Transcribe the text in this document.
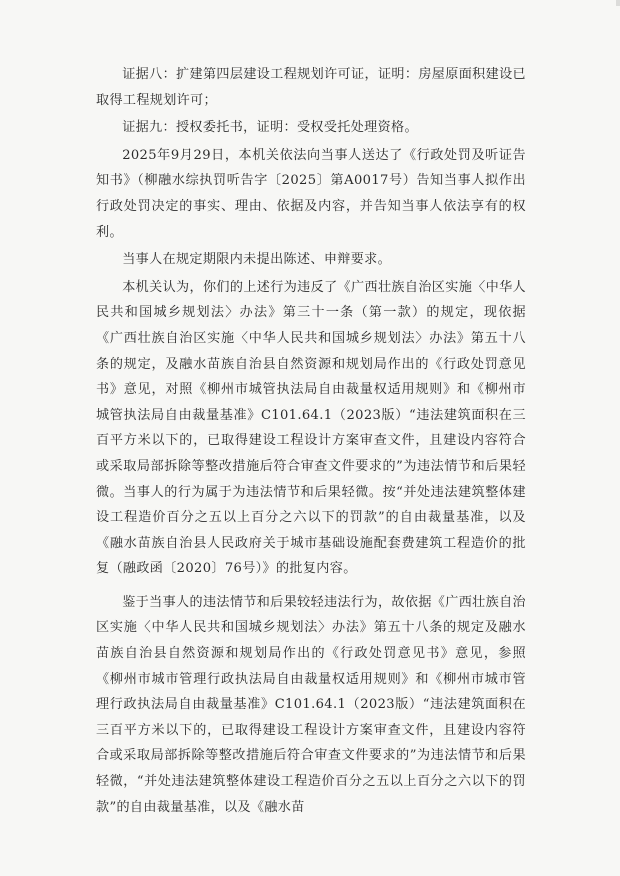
证据八：扩建第四层建设工程规划许可证，证明：房屋原面积建设已取得工程规划许可；

证据九：授权委托书，证明：受权受托处理资格。

2025年9月29日，本机关依法向当事人送达了《行政处罚及听证告知书》（柳融水综执罚听告字〔2025〕第A0017号）告知当事人拟作出行政处罚决定的事实、理由、依据及内容，并告知当事人依法享有的权利。

当事人在规定期限内未提出陈述、申辩要求。

本机关认为，你们的上述行为违反了《广西壮族自治区实施〈中华人民共和国城乡规划法〉办法》第三十一条（第一款）的规定，现依据《广西壮族自治区实施〈中华人民共和国城乡规划法〉办法》第五十八条的规定，及融水苗族自治县自然资源和规划局作出的《行政处罚意见书》意见，对照《柳州市城管执法局自由裁量权适用规则》和《柳州市城管执法局自由裁量基准》C101.64.1（2023版）“违法建筑面积在三百平方米以下的，已取得建设工程设计方案审查文件，且建设内容符合或采取局部拆除等整改措施后符合审查文件要求的”为违法情节和后果轻微。当事人的行为属于为违法情节和后果轻微。按“并处违法建筑整体建设工程造价百分之五以上百分之六以下的罚款”的自由裁量基准，以及《融水苗族自治县人民政府关于城市基础设施配套费建筑工程造价的批复（融政函〔2020〕76号）》的批复内容。

鉴于当事人的违法情节和后果较轻违法行为，故依据《广西壮族自治区实施〈中华人民共和国城乡规划法〉办法》第五十八条的规定及融水苗族自治县自然资源和规划局作出的《行政处罚意见书》意见，参照《柳州市城市管理行政执法局自由裁量权适用规则》和《柳州市城市管理行政执法局自由裁量基准》C101.64.1（2023版）“违法建筑面积在三百平方米以下的，已取得建设工程设计方案审查文件，且建设内容符合或采取局部拆除等整改措施后符合审查文件要求的”为违法情节和后果轻微，“并处违法建筑整体建设工程造价百分之五以上百分之六以下的罚款”的自由裁量基准，以及《融水苗
